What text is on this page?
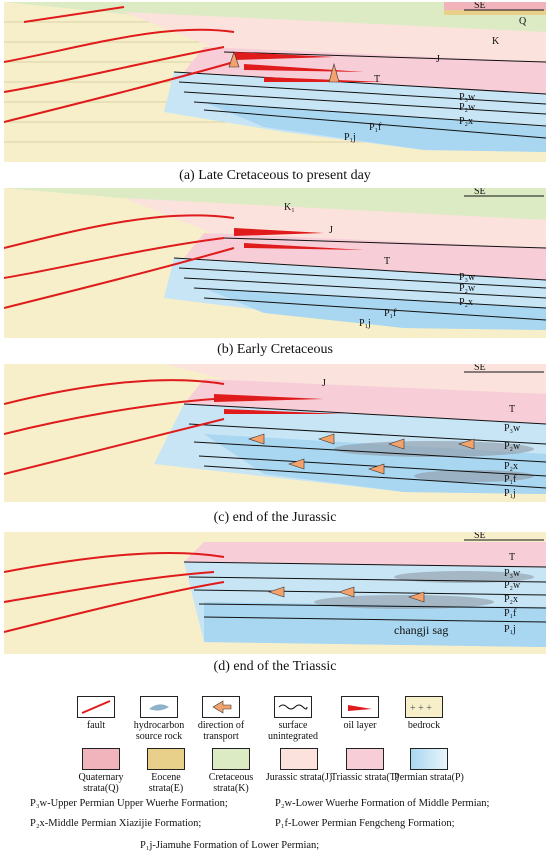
SE
Q
K
J
T
P₃w
P₂w
P₂x
P₁f
P₁j
(a) Late Cretaceous to present day
SE
K₁
J
T
P₃w
P₂w
P₂x
P₁f
P₁j
(b) Early Cretaceous
SE
J
T
P₃w
P₂w
P₂x
P₁f
P₁j
(c) end of the Jurassic
SE
T
P₃w
P₂w
P₂x
P₁f
P₁j
changji sag
(d) end of the Triassic
fault	hydrocarbon source rock
direction of transport
surface unintegrated
oil layer
+ + +
bedrock
Quaternary strata(Q)
Eocene strata(E)
Cretaceous strata(K)
Jurassic strata(J)
Triassic strata(T)
Permian strata(P)
P₃w-Upper Permian Upper Wuerhe Formation;	P₂w-Lower Wuerhe Formation of Middle Permian;
P₂x-Middle Permian Xiazijie Formation;	P₁f-Lower Permian Fengcheng Formation;
P₁j-Jiamuhe Formation of Lower Permian;
